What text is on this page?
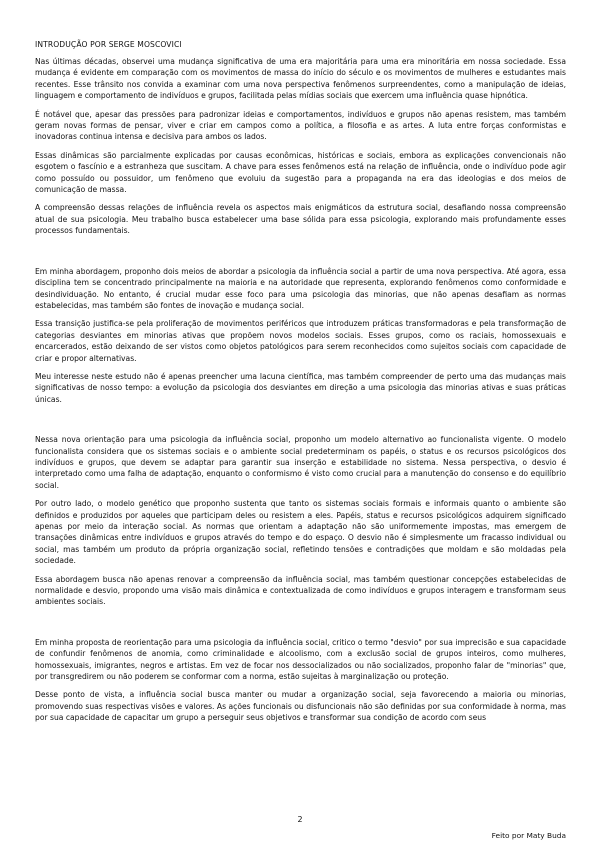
INTRODUÇÃO POR SERGE MOSCOVICI

Nas últimas décadas, observei uma mudança significativa de uma era majoritária para uma era minoritária em nossa sociedade. Essa mudança é evidente em comparação com os movimentos de massa do início do século e os movimentos de mulheres e estudantes mais recentes. Esse trânsito nos convida a examinar com uma nova perspectiva fenômenos surpreendentes, como a manipulação de ideias, linguagem e comportamento de indivíduos e grupos, facilitada pelas mídias sociais que exercem uma influência quase hipnótica.

É notável que, apesar das pressões para padronizar ideias e comportamentos, indivíduos e grupos não apenas resistem, mas também geram novas formas de pensar, viver e criar em campos como a política, a filosofia e as artes. A luta entre forças conformistas e inovadoras continua intensa e decisiva para ambos os lados.

Essas dinâmicas são parcialmente explicadas por causas econômicas, históricas e sociais, embora as explicações convencionais não esgotem o fascínio e a estranheza que suscitam. A chave para esses fenômenos está na relação de influência, onde o indivíduo pode agir como possuído ou possuidor, um fenômeno que evoluiu da sugestão para a propaganda na era das ideologias e dos meios de comunicação de massa.

A compreensão dessas relações de influência revela os aspectos mais enigmáticos da estrutura social, desafiando nossa compreensão atual de sua psicologia. Meu trabalho busca estabelecer uma base sólida para essa psicologia, explorando mais profundamente esses processos fundamentais.

Em minha abordagem, proponho dois meios de abordar a psicologia da influência social a partir de uma nova perspectiva. Até agora, essa disciplina tem se concentrado principalmente na maioria e na autoridade que representa, explorando fenômenos como conformidade e desindividuação. No entanto, é crucial mudar esse foco para uma psicologia das minorias, que não apenas desafiam as normas estabelecidas, mas também são fontes de inovação e mudança social.

Essa transição justifica-se pela proliferação de movimentos periféricos que introduzem práticas transformadoras e pela transformação de categorias desviantes em minorias ativas que propõem novos modelos sociais. Esses grupos, como os raciais, homossexuais e encarcerados, estão deixando de ser vistos como objetos patológicos para serem reconhecidos como sujeitos sociais com capacidade de criar e propor alternativas.

Meu interesse neste estudo não é apenas preencher uma lacuna científica, mas também compreender de perto uma das mudanças mais significativas de nosso tempo: a evolução da psicologia dos desviantes em direção a uma psicologia das minorias ativas e suas práticas únicas.

Nessa nova orientação para uma psicologia da influência social, proponho um modelo alternativo ao funcionalista vigente. O modelo funcionalista considera que os sistemas sociais e o ambiente social predeterminam os papéis, o status e os recursos psicológicos dos indivíduos e grupos, que devem se adaptar para garantir sua inserção e estabilidade no sistema. Nessa perspectiva, o desvio é interpretado como uma falha de adaptação, enquanto o conformismo é visto como crucial para a manutenção do consenso e do equilíbrio social.

Por outro lado, o modelo genético que proponho sustenta que tanto os sistemas sociais formais e informais quanto o ambiente são definidos e produzidos por aqueles que participam deles ou resistem a eles. Papéis, status e recursos psicológicos adquirem significado apenas por meio da interação social. As normas que orientam a adaptação não são uniformemente impostas, mas emergem de transações dinâmicas entre indivíduos e grupos através do tempo e do espaço. O desvio não é simplesmente um fracasso individual ou social, mas também um produto da própria organização social, refletindo tensões e contradições que moldam e são moldadas pela sociedade.

Essa abordagem busca não apenas renovar a compreensão da influência social, mas também questionar concepções estabelecidas de normalidade e desvio, propondo uma visão mais dinâmica e contextualizada de como indivíduos e grupos interagem e transformam seus ambientes sociais.

Em minha proposta de reorientação para uma psicologia da influência social, critico o termo "desvio" por sua imprecisão e sua capacidade de confundir fenômenos de anomia, como criminalidade e alcoolismo, com a exclusão social de grupos inteiros, como mulheres, homossexuais, imigrantes, negros e artistas. Em vez de focar nos dessocializados ou não socializados, proponho falar de "minorias" que, por transgredirem ou não poderem se conformar com a norma, estão sujeitas à marginalização ou proteção.

Desse ponto de vista, a influência social busca manter ou mudar a organização social, seja favorecendo a maioria ou minorias, promovendo suas respectivas visões e valores. As ações funcionais ou disfuncionais não são definidas por sua conformidade à norma, mas por sua capacidade de capacitar um grupo a perseguir seus objetivos e transformar sua condição de acordo com seus

2
Feito por Maty Buda
